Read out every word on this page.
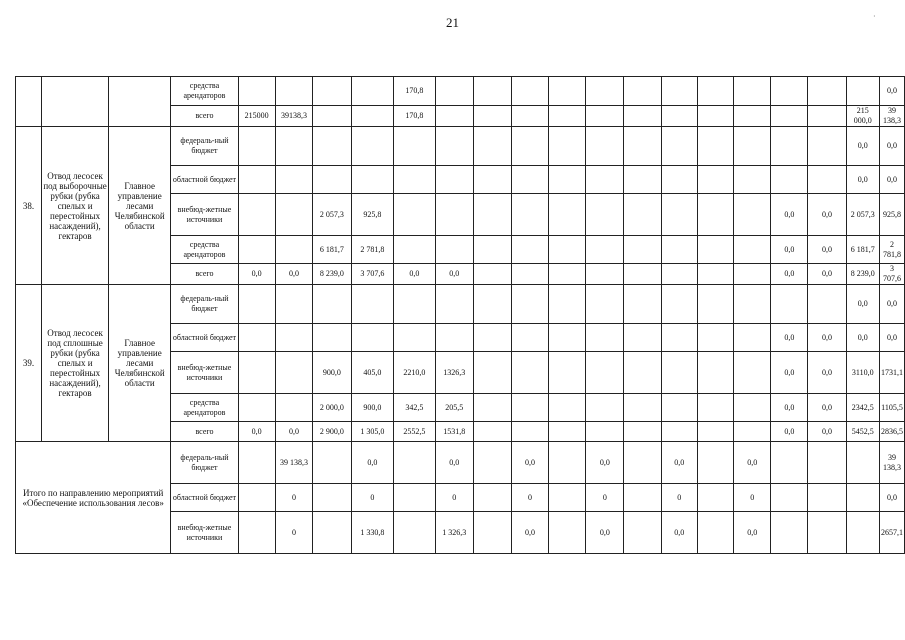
21	·
			средства арендаторов					170,8													0,0
			всего	215000	39138,3			170,8												215 000,0	39 138,3
38.	Отвод лесосек под выборочные рубки (рубка спелых и перестойных насаждений), гектаров	Главное управление лесами Челябинской области	федераль-ный бюджет																	0,0	0,0
			областной бюджет																	0,0	0,0
			внебюд-жетные источники			2 057,3	925,8											0,0	0,0	2 057,3	925,8
			средства арендаторов			6 181,7	2 781,8											0,0	0,0	6 181,7	2 781,8
			всего	0,0	0,0	8 239,0	3 707,6	0,0	0,0									0,0	0,0	8 239,0	3 707,6
39.	Отвод лесосек под сплошные рубки (рубка спелых и перестойных насаждений), гектаров	Главное управление лесами Челябинской области	федераль-ный бюджет																	0,0	0,0
			областной бюджет															0,0	0,0	0,0	0,0
			внебюд-жетные источники			900,0	405,0	2210,0	1326,3									0,0	0,0	3110,0	1731,1
			средства арендаторов			2 000,0	900,0	342,5	205,5									0,0	0,0	2342,5	1105,5
			всего	0,0	0,0	2 900,0	1 305,0	2552,5	1531,8									0,0	0,0	5452,5	2836,5
Итого по направлению мероприятий «Обеспечение использования лесов»			федераль-ный бюджет		39 138,3		0,0		0,0		0,0		0,0		0,0		0,0				39 138,3
			областной бюджет		0		0		0		0		0		0		0				0,0
			внебюд-жетные источники		0		1 330,8		1 326,3		0,0		0,0		0,0		0,0				2657,1
